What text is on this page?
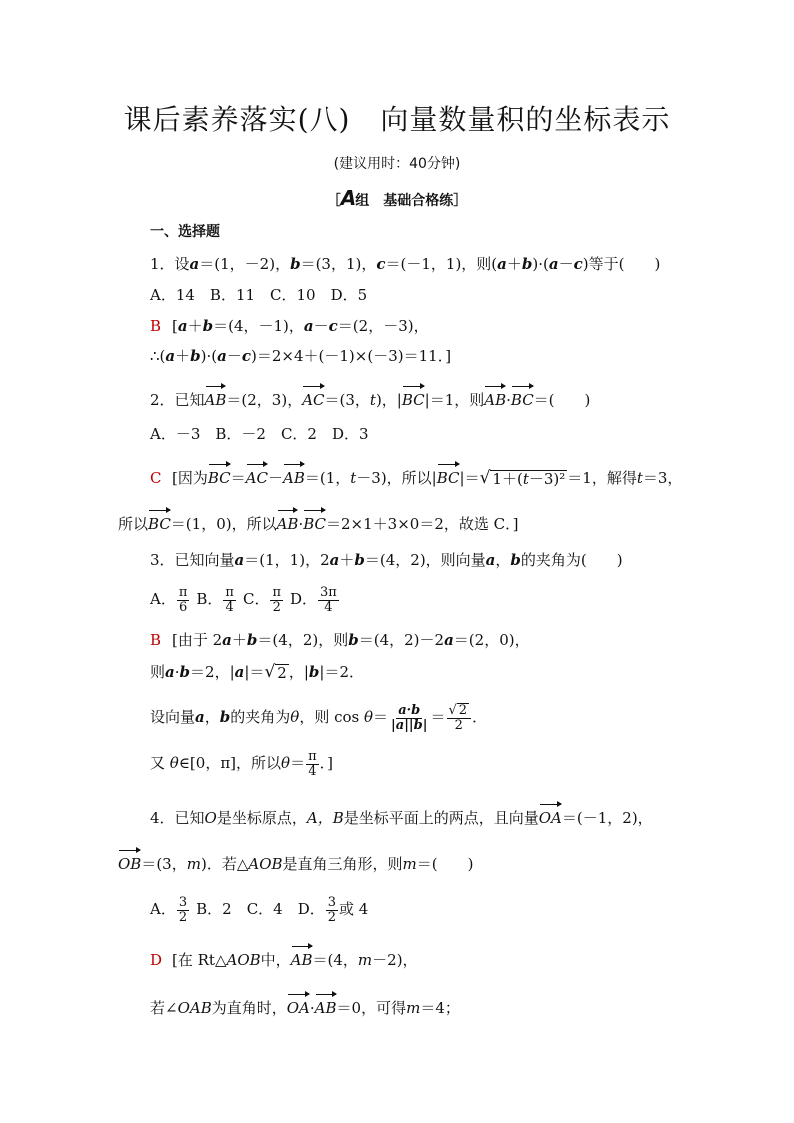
课后素养落实(八) 向量数量积的坐标表示
(建议用时：40分钟)
［A组　基础合格练］
一、选择题
1．设a＝(1，－2)，b＝(3，1)，c＝(－1，1)，则(a＋b)·(a－c)等于(　　)
A．14　B．11　C．10　D．5
B [a＋b＝(4，－1)，a－c＝(2，－3)，
∴(a＋b)·(a－c)＝2×4＋(－1)×(－3)＝11．]
2．已知AB＝(2，3)，AC＝(3，t)，|BC|＝1，则AB·BC＝(　　)
A．－3　B．－2　C．2　D．3
C [因为BC＝AC－AB＝(1，t－3)，所以|BC|＝ √ 1＋(t－3)² ＝1，解得t＝3，
所以BC＝(1，0)，所以AB·BC＝2×1＋3×0＝2，故选 C．]
3．已知向量a＝(1，1)，2a＋b＝(4，2)，则向量a，b的夹角为(　　)
A． $\frac{\pi}{6}$ B． $\frac{\pi}{4}$ C． $\frac{\pi}{2}$ D． $\frac{3\pi}{4}$
B [由于 2a＋b＝(4，2)，则b＝(4，2)－2a＝(2，0)，
则a·b＝2，|a|＝ √ 2 ，|b|＝2．
设向量a，b的夹角为θ，则 $\cos \theta= \frac{a\cdot b}{|a||b|} = \frac{√ 2}{2}$ ．
又 θ∈[0，π]，所以$\theta= \frac{\pi}{4}$ ．]
4．已知O是坐标原点，A，B是坐标平面上的两点，且向量OA＝(－1，2)，
OB＝(3，m)．若△AOB是直角三角形，则m＝(　　)
A． $\frac{3}{2}$ B．2　C．4　D． $\frac{3}{2}$ 或 4
D [在 Rt△AOB中，AB＝(4，m－2)，
若∠OAB为直角时，OA·AB＝0，可得m＝4；
